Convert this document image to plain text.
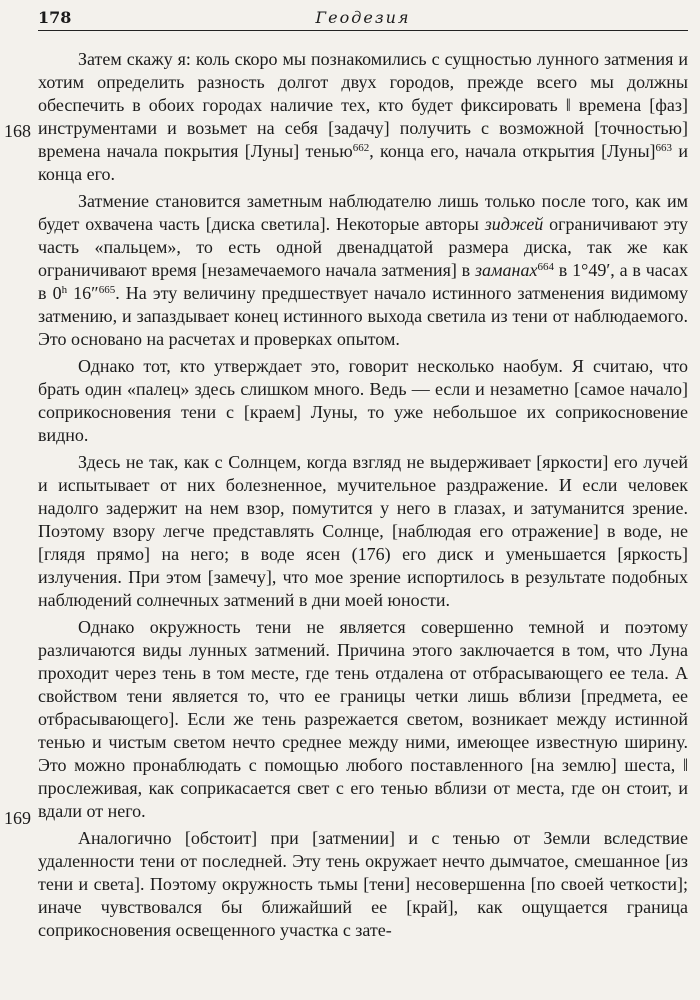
178	Геодезия
168
169

Затем скажу я: коль скоро мы познакомились с сущностью лунного затмения и хотим определить разность долгот двух городов, прежде всего мы должны обеспечить в обоих городах наличие тех, кто будет фиксировать ‖ времена [фаз] инструментами и возьмет на себя [задачу] получить с возможной [точностью] времена начала покрытия [Луны] тенью$^{662}$, конца его, начала открытия [Луны]$^{663}$ и конца его.

Затмение становится заметным наблюдателю лишь только после того, как им будет охвачена часть [диска светила]. Некоторые авторы зиджей ограничивают эту часть «пальцем», то есть одной двенадцатой размера диска, так же как ограничивают время [незамечаемого начала затмения] в заманах$^{664}$ в 1°49′, а в часах в 0$^h$ 16″$^{665}$. На эту величину предшествует начало истинного затменения видимому затмению, и запаздывает конец истинного выхода светила из тени от наблюдаемого. Это основано на расчетах и проверках опытом.

Однако тот, кто утверждает это, говорит несколько наобум. Я считаю, что брать один «палец» здесь слишком много. Ведь — если и незаметно [самое начало] соприкосновения тени с [краем] Луны, то уже небольшое их соприкосновение видно.

Здесь не так, как с Солнцем, когда взгляд не выдерживает [яркости] его лучей и испытывает от них болезненное, мучительное раздражение. И если человек надолго задержит на нем взор, помутится у него в глазах, и затуманится зрение. Поэтому взору легче представлять Солнце, [наблюдая его отражение] в воде, не [глядя прямо] на него; в воде ясен (176) его диск и уменьшается [яркость] излучения. При этом [замечу], что мое зрение испортилось в результате подобных наблюдений солнечных затмений в дни моей юности.

Однако окружность тени не является совершенно темной и поэтому различаются виды лунных затмений. Причина этого заключается в том, что Луна проходит через тень в том месте, где тень отдалена от отбрасывающего ее тела. А свойством тени является то, что ее границы четки лишь вблизи [предмета, ее отбрасывающего]. Если же тень разрежается светом, возникает между истинной тенью и чистым светом нечто среднее между ними, имеющее известную ширину. Это можно пронаблюдать с помощью любого поставленного [на землю] шеста, ‖ прослеживая, как соприкасается свет с его тенью вблизи от места, где он стоит, и вдали от него.

Аналогично [обстоит] при [затмении] и с тенью от Земли вследствие удаленности тени от последней. Эту тень окружает нечто дымчатое, смешанное [из тени и света]. Поэтому окружность тьмы [тени] несовершенна [по своей четкости]; иначе чувствовался бы ближайший ее [край], как ощущается граница соприкосновения освещенного участка с зате-
